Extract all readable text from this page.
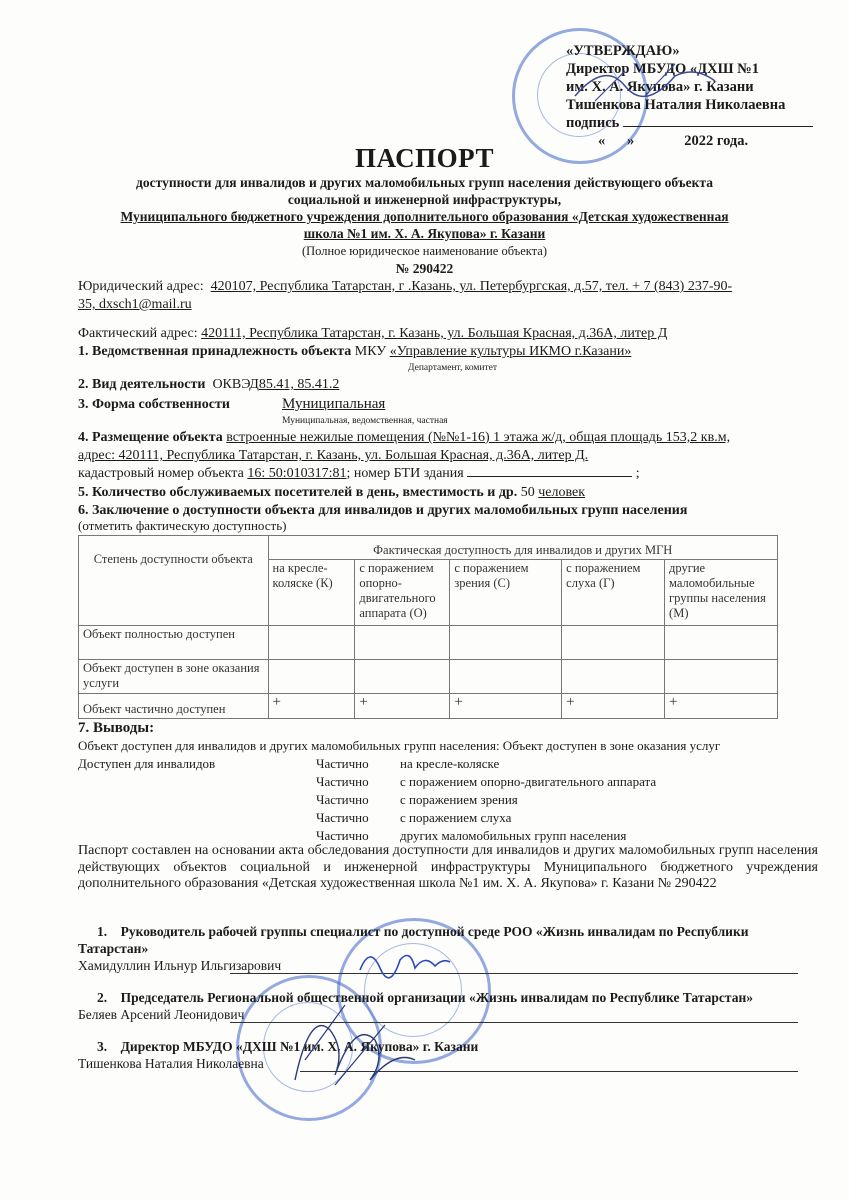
«УТВЕРЖДАЮ»
Директор МБУДО «ДХШ №1
им. Х. А. Якупова» г. Казани
Тишенкова Наталия Николаевна
подпись
«      »	2022 года.
ПАСПОРТ
доступности для инвалидов и других маломобильных групп населения действующего объекта
социальной и инженерной инфраструктуры,
Муниципального бюджетного учреждения дополнительного образования «Детская художественная
школа №1 им. Х. А. Якупова» г. Казани
(Полное юридическое наименование объекта)
№ 290422
Юридический адрес: 420107, Республика Татарстан, г .Казань, ул. Петербургская, д.57, тел. + 7 (843) 237-90-
35, dxsch1@mail.ru
Фактический адрес: 420111, Республика Татарстан, г. Казань, ул. Большая Красная, д.36А, литер Д
1. Ведомственная принадлежность объекта МКУ «Управление культуры ИКМО г.Казани»
Департамент, комитет
2. Вид деятельности ОКВЭД85.41, 85.41.2
3. Форма собственности	Муниципальная
Муниципальная, ведомственная, частная
4. Размещение объекта встроенные нежилые помещения (№№1-16) 1 этажа ж/д, общая площадь 153,2 кв.м,
адрес: 420111, Республика Татарстан, г. Казань, ул. Большая Красная, д.36А, литер Д.
кадастровый номер объекта 16: 50:010317:81; номер БТИ здания	;
5. Количество обслуживаемых посетителей в день, вместимость и др. 50 человек
6. Заключение о доступности объекта для инвалидов и других маломобильных групп населения
(отметить фактическую доступность)
Степень доступности объекта	Фактическая доступность для инвалидов и других МГН				
	на кресле-коляске (К)	с поражением опорно-двигательного аппарата (О)	с поражением зрения (С)	с поражением слуха (Г)	другие маломобильные группы населения (М)
Объект полностью доступен					
Объект доступен в зоне оказания услуги					
Объект частично доступен	+	+	+	+	+
7. Выводы:
Объект доступен для инвалидов и других маломобильных групп населения: Объект доступен в зоне оказания услуг
Доступен для инвалидов	Частично на кресле-коляске
Частично с поражением опорно-двигательного аппарата
Частично с поражением зрения
Частично с поражением слуха
Частично других маломобильных групп населения
Паспорт составлен на основании акта обследования доступности для инвалидов и других маломобильных групп населения действующих объектов социальной и инженерной инфраструктуры Муниципального бюджетного учреждения дополнительного образования «Детская художественная школа №1 им. Х. А. Якупова» г. Казани № 290422
1. Руководитель рабочей группы специалист по доступной среде РОО «Жизнь инвалидам по Республики
Татарстан»
Хамидуллин Ильнур Ильгизарович
2. Председатель Региональной общественной организации «Жизнь инвалидам по Республике Татарстан»
Беляев Арсений Леонидович
3. Директор МБУДО «ДХШ №1 им. Х. А. Якупова» г. Казани
Тишенкова Наталия Николаевна
